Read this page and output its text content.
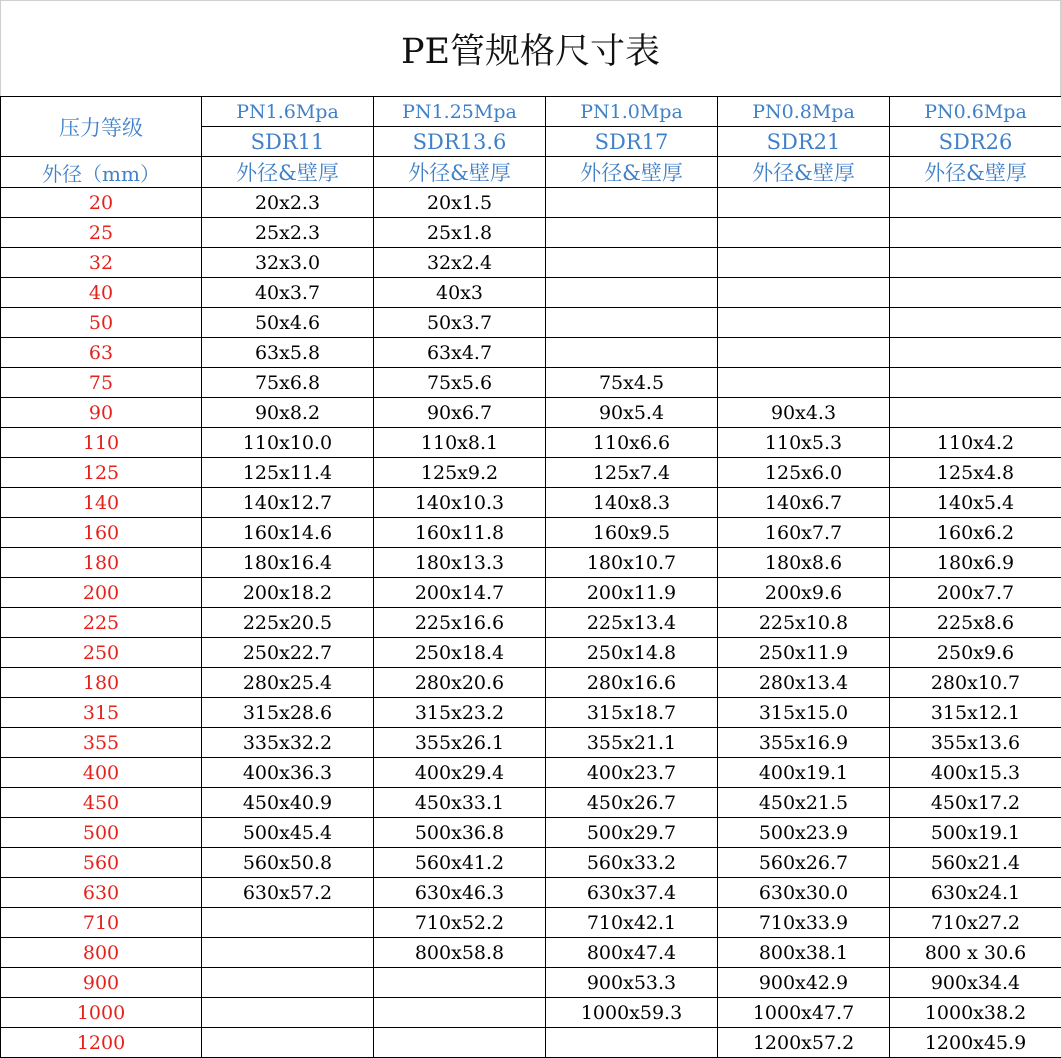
PE管规格尺寸表
压力等级	PN1.6Mpa	PN1.25Mpa	PN1.0Mpa	PN0.8Mpa	PN0.6Mpa
	SDR11	SDR13.6	SDR17	SDR21	SDR26
外径（mm）	外径&壁厚	外径&壁厚	外径&壁厚	外径&壁厚	外径&壁厚
20	20x2.3	20x1.5			
25	25x2.3	25x1.8			
32	32x3.0	32x2.4			
40	40x3.7	40x3			
50	50x4.6	50x3.7			
63	63x5.8	63x4.7			
75	75x6.8	75x5.6	75x4.5		
90	90x8.2	90x6.7	90x5.4	90x4.3	
110	110x10.0	110x8.1	110x6.6	110x5.3	110x4.2
125	125x11.4	125x9.2	125x7.4	125x6.0	125x4.8
140	140x12.7	140x10.3	140x8.3	140x6.7	140x5.4
160	160x14.6	160x11.8	160x9.5	160x7.7	160x6.2
180	180x16.4	180x13.3	180x10.7	180x8.6	180x6.9
200	200x18.2	200x14.7	200x11.9	200x9.6	200x7.7
225	225x20.5	225x16.6	225x13.4	225x10.8	225x8.6
250	250x22.7	250x18.4	250x14.8	250x11.9	250x9.6
180	280x25.4	280x20.6	280x16.6	280x13.4	280x10.7
315	315x28.6	315x23.2	315x18.7	315x15.0	315x12.1
355	335x32.2	355x26.1	355x21.1	355x16.9	355x13.6
400	400x36.3	400x29.4	400x23.7	400x19.1	400x15.3
450	450x40.9	450x33.1	450x26.7	450x21.5	450x17.2
500	500x45.4	500x36.8	500x29.7	500x23.9	500x19.1
560	560x50.8	560x41.2	560x33.2	560x26.7	560x21.4
630	630x57.2	630x46.3	630x37.4	630x30.0	630x24.1
710		710x52.2	710x42.1	710x33.9	710x27.2
800		800x58.8	800x47.4	800x38.1	800 x 30.6
900			900x53.3	900x42.9	900x34.4
1000			1000x59.3	1000x47.7	1000x38.2
1200				1200x57.2	1200x45.9
